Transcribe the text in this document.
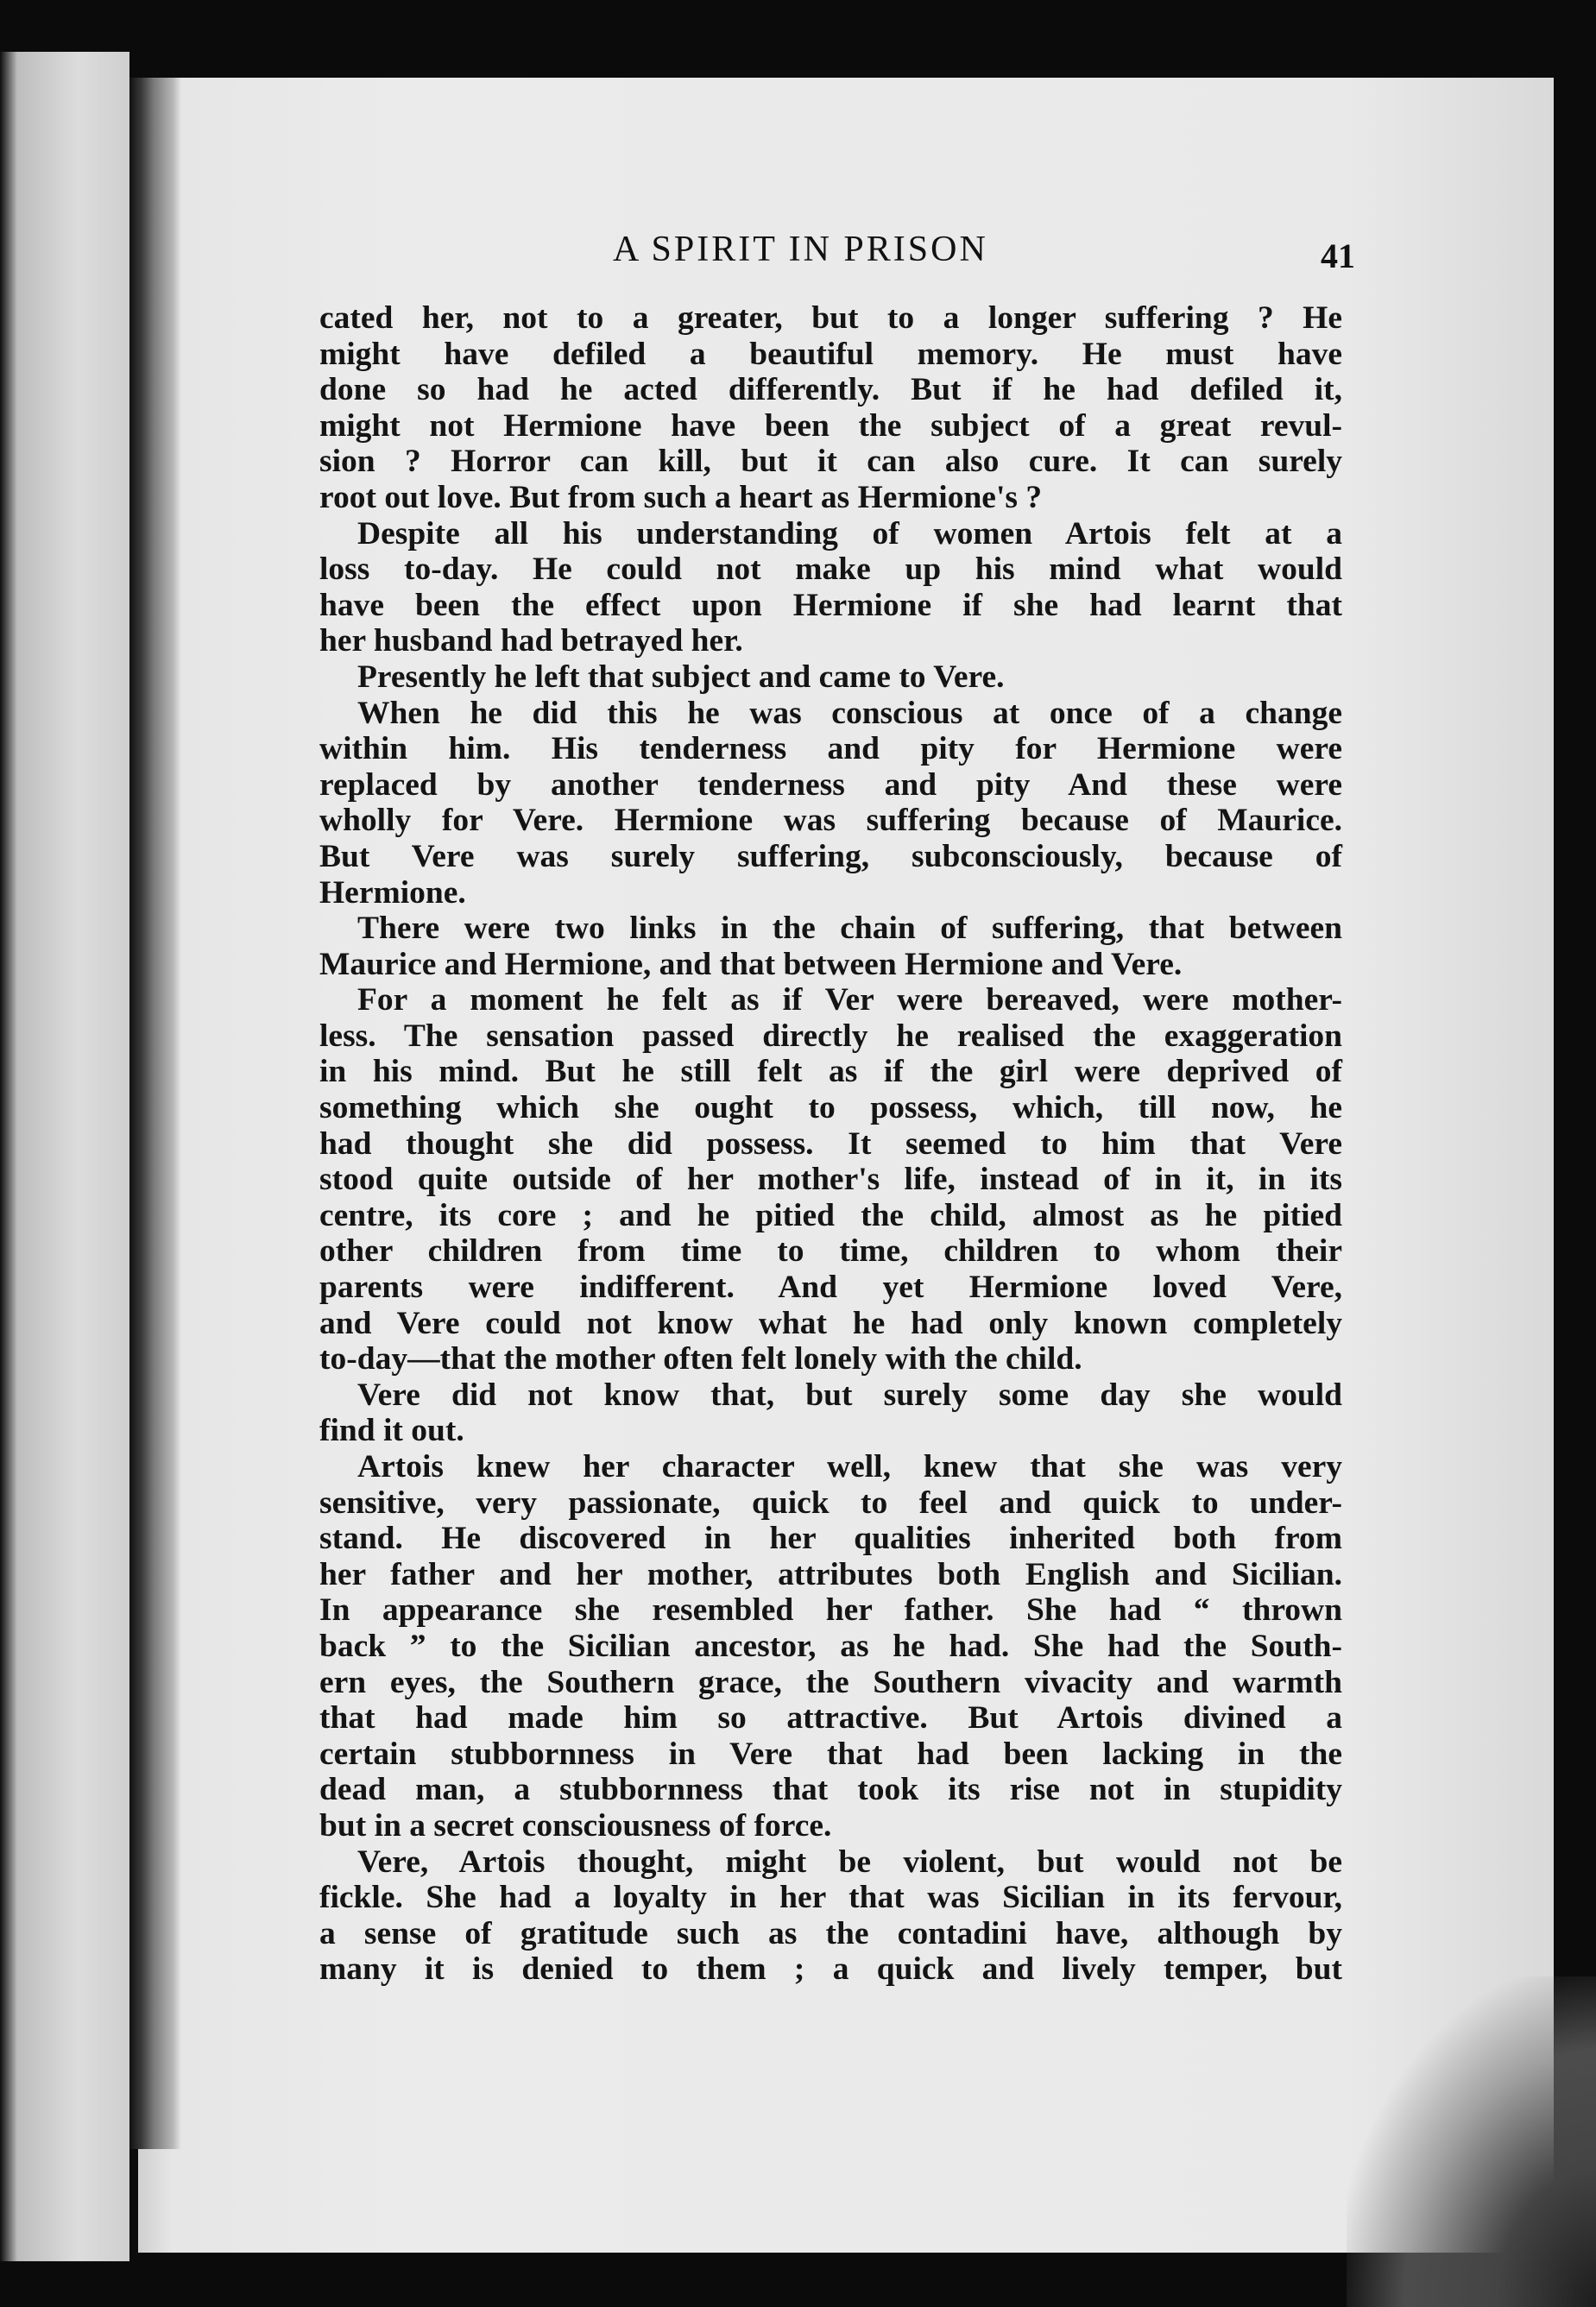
A SPIRIT IN PRISON	41
cated her, not to a greater, but to a longer suffering ? He
might have defiled a beautiful memory. He must have
done so had he acted differently. But if he had defiled it,
might not Hermione have been the subject of a great revul-
sion ? Horror can kill, but it can also cure. It can surely
root out love. But from such a heart as Hermione's ?
Despite all his understanding of women Artois felt at a
loss to-day. He could not make up his mind what would
have been the effect upon Hermione if she had learnt that
her husband had betrayed her.
Presently he left that subject and came to Vere.
When he did this he was conscious at once of a change
within him. His tenderness and pity for Hermione were
replaced by another tenderness and pity And these were
wholly for Vere. Hermione was suffering because of Maurice.
But Vere was surely suffering, subconsciously, because of
Hermione.
There were two links in the chain of suffering, that between
Maurice and Hermione, and that between Hermione and Vere.
For a moment he felt as if Ver were bereaved, were mother-
less. The sensation passed directly he realised the exaggeration
in his mind. But he still felt as if the girl were deprived of
something which she ought to possess, which, till now, he
had thought she did possess. It seemed to him that Vere
stood quite outside of her mother's life, instead of in it, in its
centre, its core ; and he pitied the child, almost as he pitied
other children from time to time, children to whom their
parents were indifferent. And yet Hermione loved Vere,
and Vere could not know what he had only known completely
to-day—that the mother often felt lonely with the child.
Vere did not know that, but surely some day she would
find it out.
Artois knew her character well, knew that she was very
sensitive, very passionate, quick to feel and quick to under-
stand. He discovered in her qualities inherited both from
her father and her mother, attributes both English and Sicilian.
In appearance she resembled her father. She had “ thrown
back ” to the Sicilian ancestor, as he had. She had the South-
ern eyes, the Southern grace, the Southern vivacity and warmth
that had made him so attractive. But Artois divined a
certain stubbornness in Vere that had been lacking in the
dead man, a stubbornness that took its rise not in stupidity
but in a secret consciousness of force.
Vere, Artois thought, might be violent, but would not be
fickle. She had a loyalty in her that was Sicilian in its fervour,
a sense of gratitude such as the contadini have, although by
many it is denied to them ; a quick and lively temper, but
